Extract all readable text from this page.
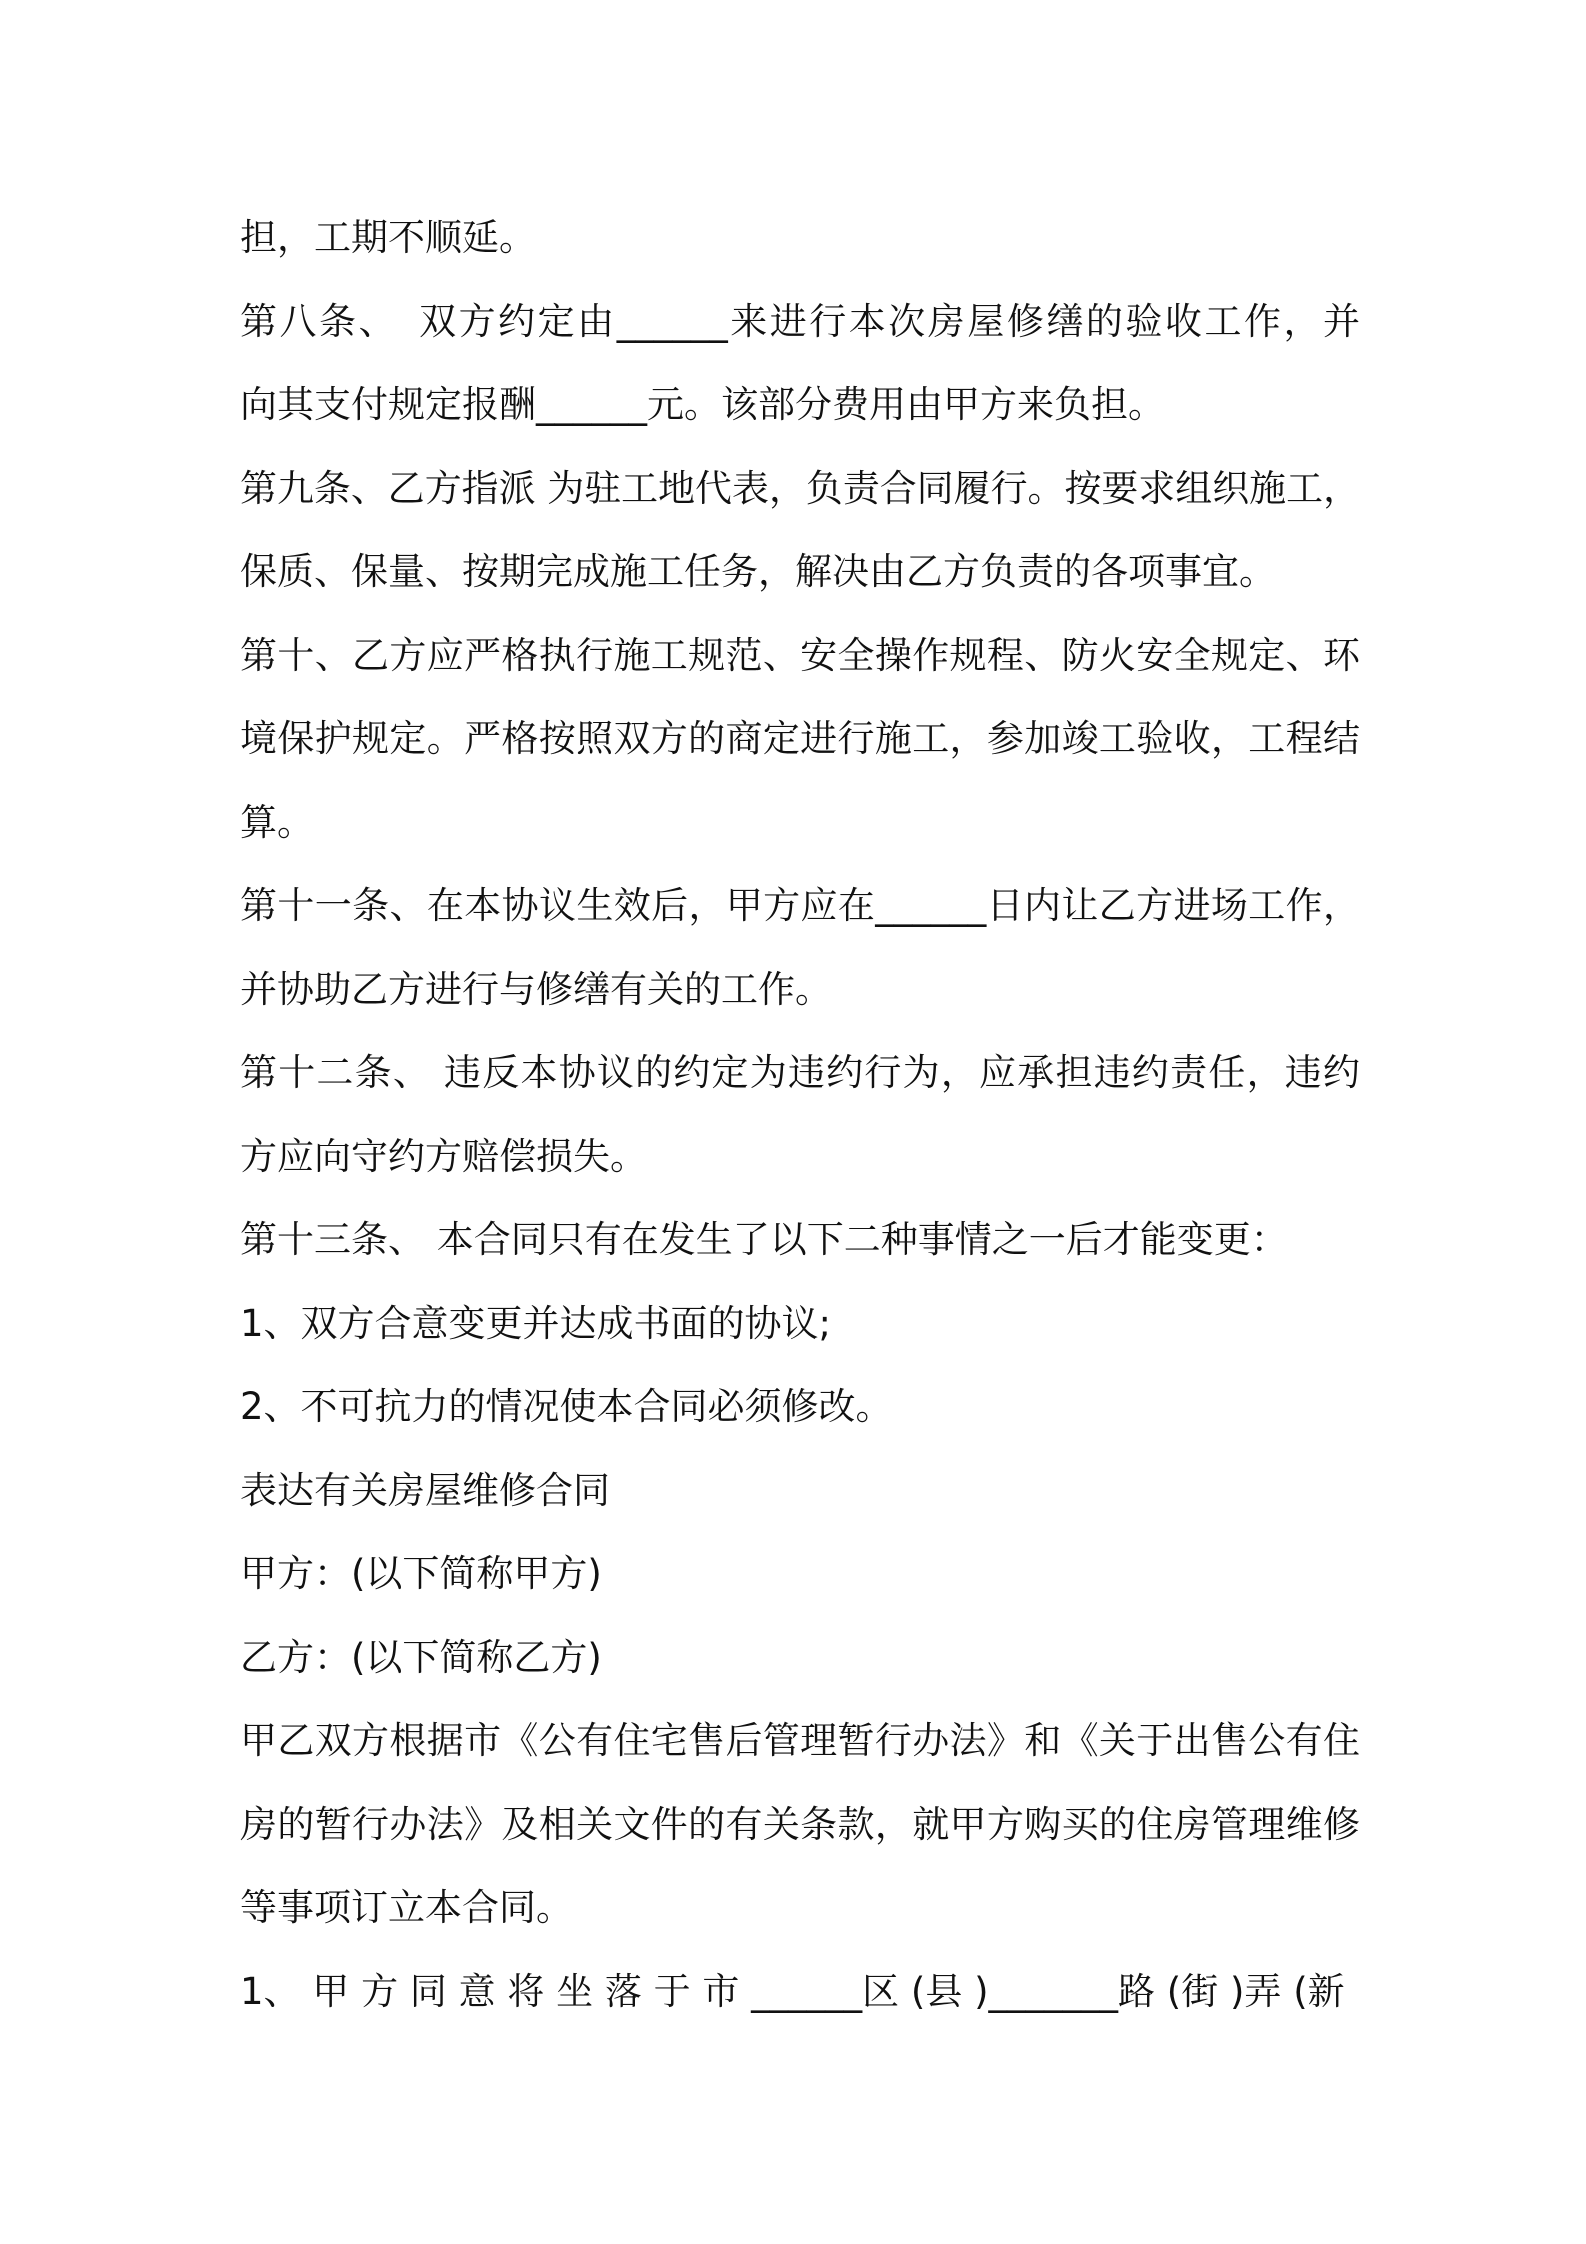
担，工期不顺延。
第八条、　双方约定由______来进行本次房屋修缮的验收工作，并
向其支付规定报酬______元。该部分费用由甲方来负担。
第九条、乙方指派 为驻工地代表，负责合同履行。按要求组织施工，
保质、保量、按期完成施工任务，解决由乙方负责的各项事宜。
第十、乙方应严格执行施工规范、安全操作规程、防火安全规定、环
境保护规定。严格按照双方的商定进行施工，参加竣工验收，工程结
算。
第十一条、在本协议生效后，甲方应在______日内让乙方进场工作，
并协助乙方进行与修缮有关的工作。
第十二条、 违反本协议的约定为违约行为，应承担违约责任，违约
方应向守约方赔偿损失。
第十三条、 本合同只有在发生了以下二种事情之一后才能变更：
1、双方合意变更并达成书面的协议;
2、不可抗力的情况使本合同必须修改。
表达有关房屋维修合同
甲方：(以下简称甲方)
乙方：(以下简称乙方)
甲乙双方根据市《公有住宅售后管理暂行办法》和《关于出售公有住
房的暂行办法》及相关文件的有关条款，就甲方购买的住房管理维修
等事项订立本合同。
1、 甲 方 同 意 将 坐 落 于 市 ______区 (县 )_______路 (街 )弄 (新
